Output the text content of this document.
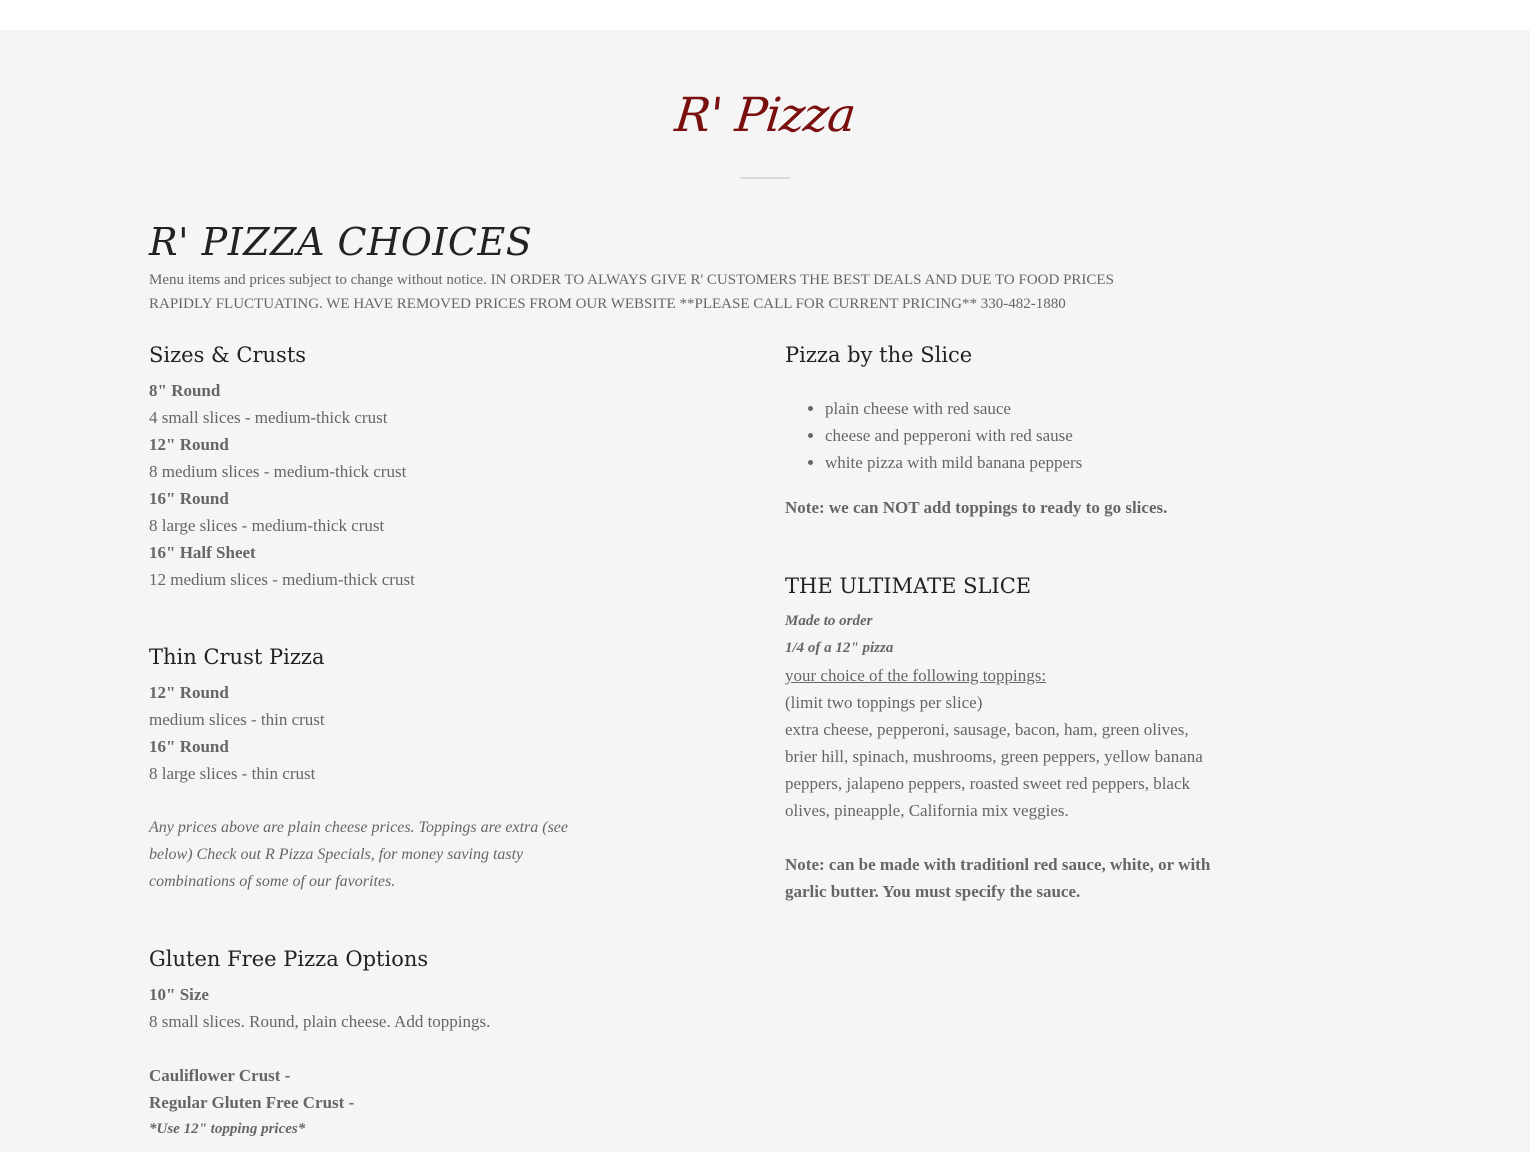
R' Pizza
R' PIZZA CHOICES
Menu items and prices subject to change without notice. IN ORDER TO ALWAYS GIVE R' CUSTOMERS THE BEST DEALS AND DUE TO FOOD PRICES RAPIDLY FLUCTUATING. WE HAVE REMOVED PRICES FROM OUR WEBSITE **PLEASE CALL FOR CURRENT PRICING** 330-482-1880
Sizes & Crusts

8" Round

4 small slices - medium-thick crust

12" Round

8 medium slices - medium-thick crust

16" Round

8 large slices - medium-thick crust

16" Half Sheet

12 medium slices - medium-thick crust

Thin Crust Pizza

12" Round

medium slices - thin crust

16" Round

8 large slices - thin crust

Any prices above are plain cheese prices. Toppings are extra (see below) Check out R Pizza Specials, for money saving tasty combinations of some of our favorites.

Gluten Free Pizza Options

10" Size

8 small slices. Round, plain cheese. Add toppings.

Cauliflower Crust -

Regular Gluten Free Crust -

*Use 12" topping prices*

Pizza by the Slice
• plain cheese with red sauce
• cheese and pepperoni with red sause
• white pizza with mild banana peppers

Note: we can NOT add toppings to ready to go slices.

THE ULTIMATE SLICE

Made to order

1/4 of a 12" pizza

your choice of the following toppings:

(limit two toppings per slice)

extra cheese, pepperoni, sausage, bacon, ham, green olives, brier hill, spinach, mushrooms, green peppers, yellow banana peppers, jalapeno peppers, roasted sweet red peppers, black olives, pineapple, California mix veggies.

Note: can be made with traditionl red sauce, white, or with garlic butter. You must specify the sauce.
